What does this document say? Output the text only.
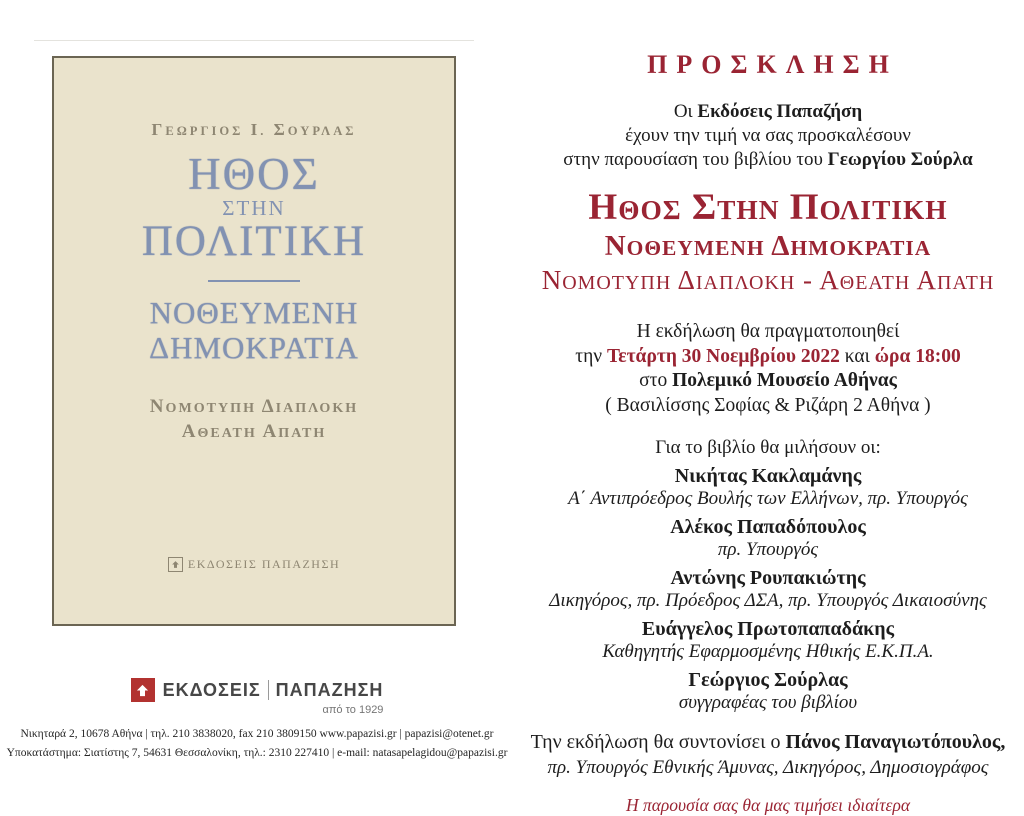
ΓΕΩΡΓΙΟΣ Ι. ΣΟΥΡΛΑΣ
ΗΘΟΣ
ΣΤΗΝ
ΠΟΛΙΤΙΚΗ
ΝΟΘΕΥΜΕΝΗ
ΔΗΜΟΚΡΑΤΙΑ
ΝΟΜΟΤΥΠΗ ΔΙΑΠΛΟΚΗ
ΑΘΕΑΤΗ ΑΠΑΤΗ
ΕΚΔΟΣΕΙΣ ΠΑΠΑΖΗΣΗ
ΕΚΔΟΣΕΙΣ ΠΑΠΑΖΗΣΗ
από το 1929
Νικηταρά 2, 10678 Αθήνα | τηλ. 210 3838020, fax 210 3809150 www.papazisi.gr | papazisi@otenet.gr
Υποκατάστημα: Σιατίστης 7, 54631 Θεσσαλονίκη, τηλ.: 2310 227410 | e-mail: natasapelagidou@papazisi.gr
ΠΡΟΣΚΛΗΣΗ
Οι Εκδόσεις Παπαζήση
έχουν την τιμή να σας προσκαλέσουν
στην παρουσίαση του βιβλίου του Γεωργίου Σούρλα
ΗΘΟΣ ΣΤΗΝ ΠΟΛΙΤΙΚΗ
ΝΟΘΕΥΜΕΝΗ ΔΗΜΟΚΡΑΤΙΑ
ΝΟΜΟΤΥΠΗ ΔΙΑΠΛΟΚΗ - ΑΘΕΑΤΗ ΑΠΑΤΗ
Η εκδήλωση θα πραγματοποιηθεί
την Τετάρτη 30 Νοεμβρίου 2022 και ώρα 18:00
στο Πολεμικό Μουσείο Αθήνας
( Βασιλίσσης Σοφίας & Ριζάρη 2 Αθήνα )
Για το βιβλίο θα μιλήσουν οι:
Νικήτας Κακλαμάνης
Α΄ Αντιπρόεδρος Βουλής των Ελλήνων, πρ. Υπουργός
Αλέκος Παπαδόπουλος
πρ. Υπουργός
Αντώνης Ρουπακιώτης
Δικηγόρος, πρ. Πρόεδρος ΔΣΑ, πρ. Υπουργός Δικαιοσύνης
Ευάγγελος Πρωτοπαπαδάκης
Καθηγητής Εφαρμοσμένης Ηθικής Ε.Κ.Π.Α.
Γεώργιος Σούρλας
συγγραφέας του βιβλίου
Την εκδήλωση θα συντονίσει ο Πάνος Παναγιωτόπουλος,
πρ. Υπουργός Εθνικής Άμυνας, Δικηγόρος, Δημοσιογράφος
Η παρουσία σας θα μας τιμήσει ιδιαίτερα
